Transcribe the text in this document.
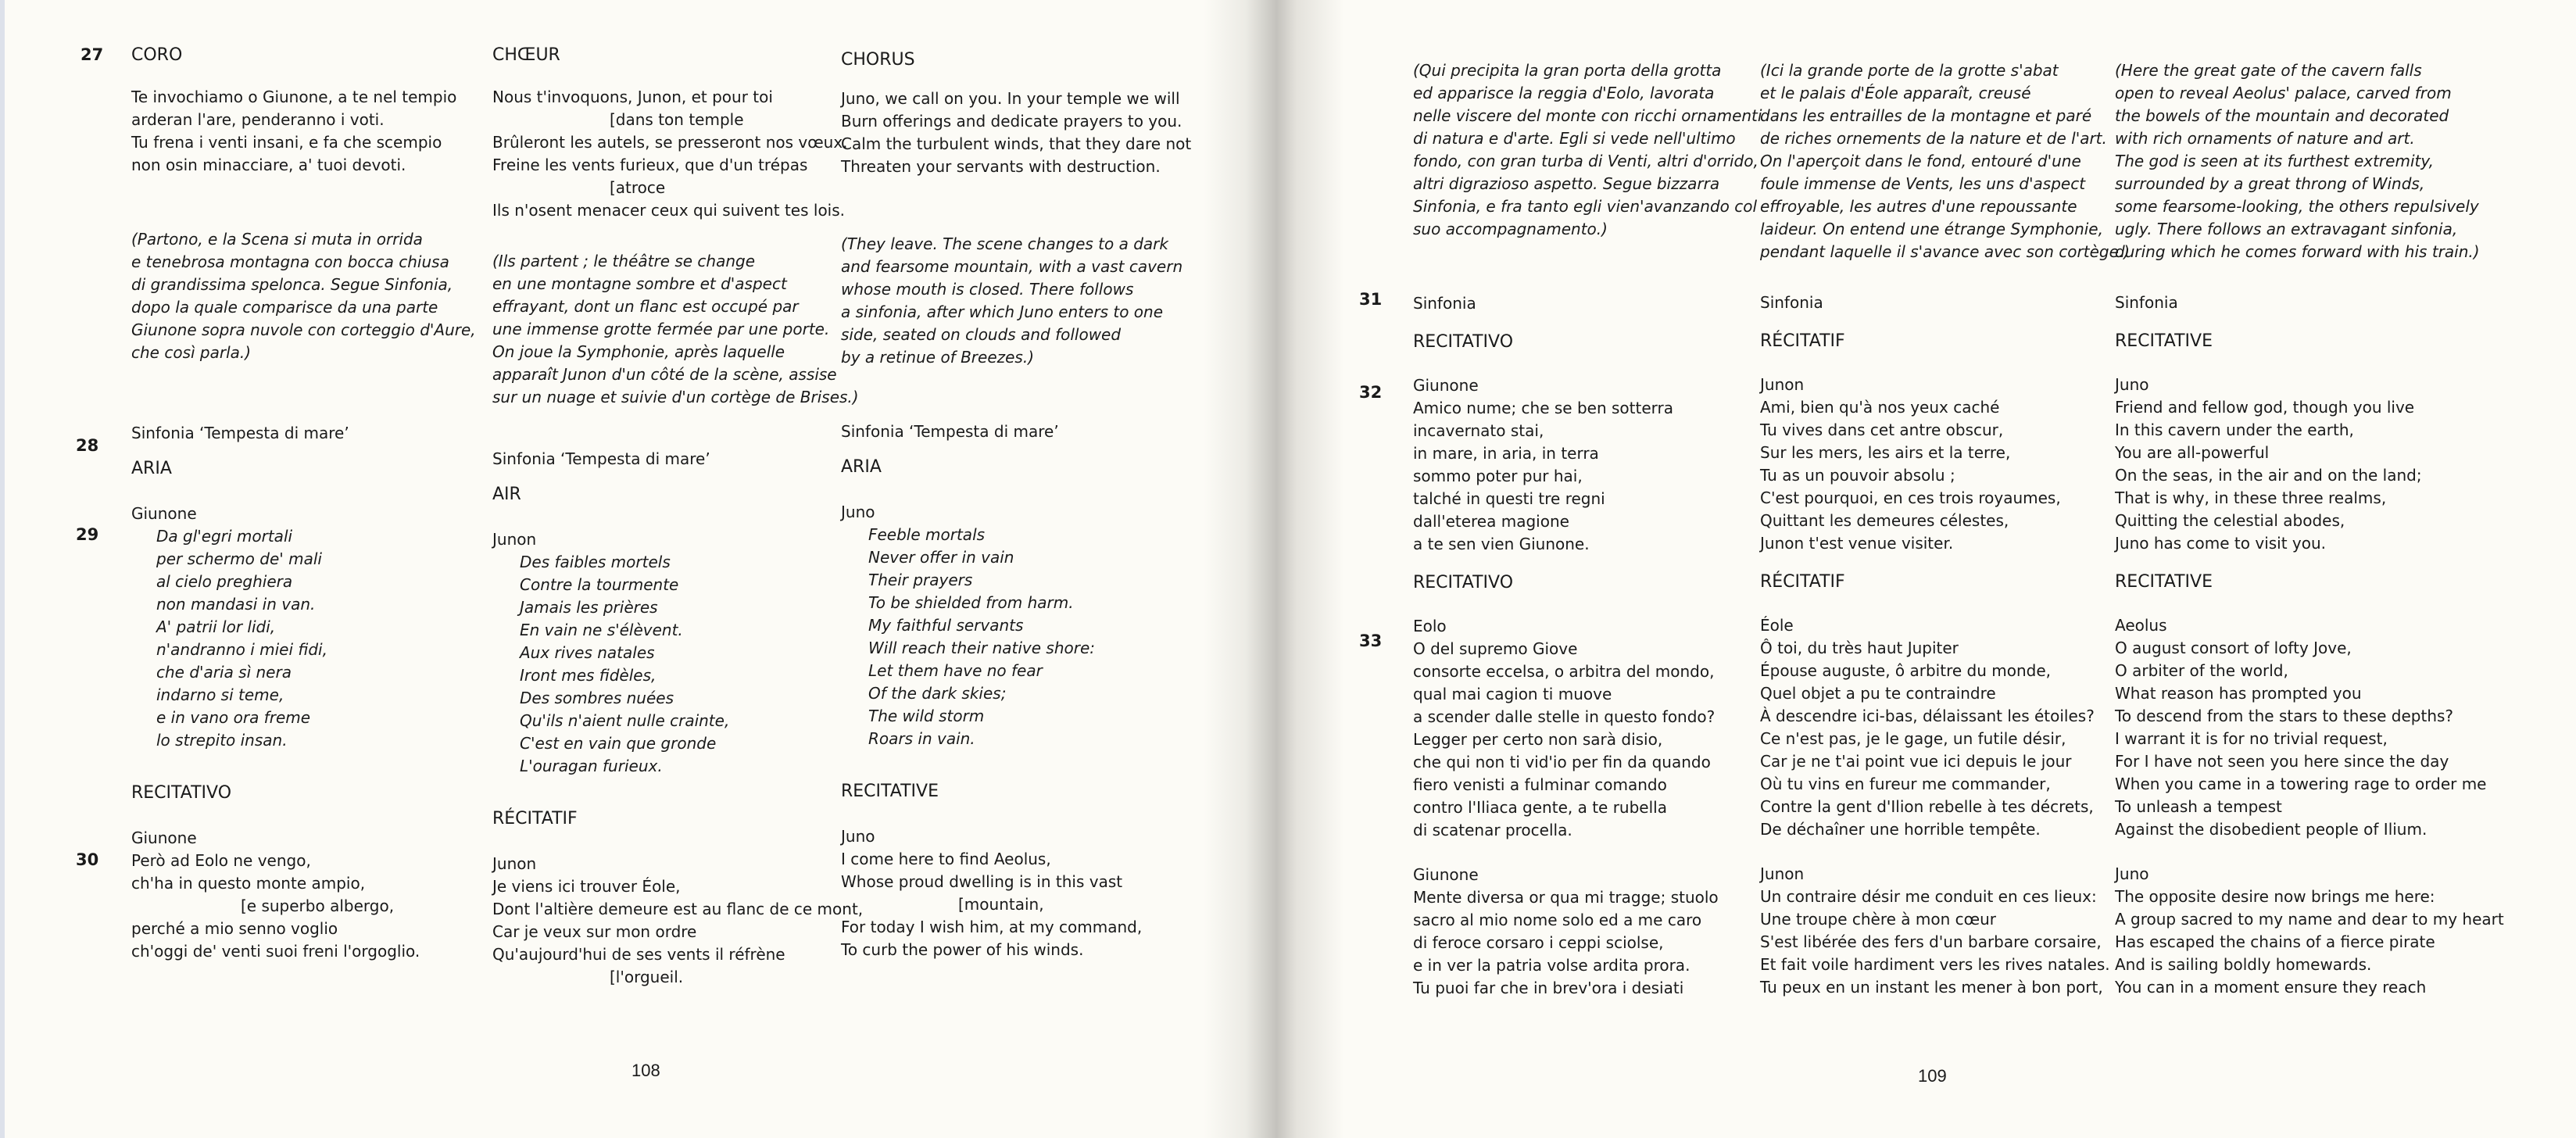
CORO
Te invochiamo o Giunone, a te nel tempio
arderan l'are, penderanno i voti.
Tu frena i venti insani, e fa che scempio
non osin minacciare, a' tuoi devoti.
(Partono, e la Scena si muta in orrida
e tenebrosa montagna con bocca chiusa
di grandissima spelonca. Segue Sinfonia,
dopo la quale comparisce da una parte
Giunone sopra nuvole con corteggio d'Aure,
che così parla.)
Sinfonia ‘Tempesta di mare’
ARIA
Giunone
Da gl'egri mortali
per schermo de' mali
al cielo preghiera
non mandasi in van.
A' patrii lor lidi,
n'andranno i miei fidi,
che d'aria sì nera
indarno si teme,
e in vano ora freme
lo strepito insan.
RECITATIVO
Giunone
Però ad Eolo ne vengo,
ch'ha in questo monte ampio,
[e superbo albergo,
perché a mio senno voglio
ch'oggi de' venti suoi freni l'orgoglio.
CHŒUR
Nous t'invoquons, Junon, et pour toi
[dans ton temple
Brûleront les autels, se presseront nos vœux.
Freine les vents furieux, que d'un trépas
[atroce
Ils n'osent menacer ceux qui suivent tes lois.
(Ils partent ; le théâtre se change
en une montagne sombre et d'aspect
effrayant, dont un flanc est occupé par
une immense grotte fermée par une porte.
On joue la Symphonie, après laquelle
apparaît Junon d'un côté de la scène, assise
sur un nuage et suivie d'un cortège de Brises.)
Sinfonia ‘Tempesta di mare’
AIR
Junon
Des faibles mortels
Contre la tourmente
Jamais les prières
En vain ne s'élèvent.
Aux rives natales
Iront mes fidèles,
Des sombres nuées
Qu'ils n'aient nulle crainte,
C'est en vain que gronde
L'ouragan furieux.
RÉCITATIF
Junon
Je viens ici trouver Éole,
Dont l'altière demeure est au flanc de ce mont,
Car je veux sur mon ordre
Qu'aujourd'hui de ses vents il réfrène
[l'orgueil.
CHORUS
Juno, we call on you. In your temple we will
Burn offerings and dedicate prayers to you.
Calm the turbulent winds, that they dare not
Threaten your servants with destruction.
(They leave. The scene changes to a dark
and fearsome mountain, with a vast cavern
whose mouth is closed. There follows
a sinfonia, after which Juno enters to one
side, seated on clouds and followed
by a retinue of Breezes.)
Sinfonia ‘Tempesta di mare’
ARIA
Juno
Feeble mortals
Never offer in vain
Their prayers
To be shielded from harm.
My faithful servants
Will reach their native shore:
Let them have no fear
Of the dark skies;
The wild storm
Roars in vain.
RECITATIVE
Juno
I come here to find Aeolus,
Whose proud dwelling is in this vast
[mountain,
For today I wish him, at my command,
To curb the power of his winds.
108
(Qui precipita la gran porta della grotta
ed apparisce la reggia d'Eolo, lavorata
nelle viscere del monte con ricchi ornamenti
di natura e d'arte. Egli si vede nell'ultimo
fondo, con gran turba di Venti, altri d'orrido,
altri digrazioso aspetto. Segue bizzarra
Sinfonia, e fra tanto egli vien'avanzando col
suo accompagnamento.)
Sinfonia
RECITATIVO
Giunone
Amico nume; che se ben sotterra
incavernato stai,
in mare, in aria, in terra
sommo poter pur hai,
talché in questi tre regni
dall'eterea magione
a te sen vien Giunone.
RECITATIVO
Eolo
O del supremo Giove
consorte eccelsa, o arbitra del mondo,
qual mai cagion ti muove
a scender dalle stelle in questo fondo?
Legger per certo non sarà disio,
che qui non ti vid'io per fin da quando
fiero venisti a fulminar comando
contro l'Iliaca gente, a te rubella
di scatenar procella.
Giunone
Mente diversa or qua mi tragge; stuolo
sacro al mio nome solo ed a me caro
di feroce corsaro i ceppi sciolse,
e in ver la patria volse ardita prora.
Tu puoi far che in brev'ora i desiati
(Ici la grande porte de la grotte s'abat
et le palais d'Éole apparaît, creusé
dans les entrailles de la montagne et paré
de riches ornements de la nature et de l'art.
On l'aperçoit dans le fond, entouré d'une
foule immense de Vents, les uns d'aspect
effroyable, les autres d'une repoussante
laideur. On entend une étrange Symphonie,
pendant laquelle il s'avance avec son cortège.)
Sinfonia
RÉCITATIF
Junon
Ami, bien qu'à nos yeux caché
Tu vives dans cet antre obscur,
Sur les mers, les airs et la terre,
Tu as un pouvoir absolu ;
C'est pourquoi, en ces trois royaumes,
Quittant les demeures célestes,
Junon t'est venue visiter.
RÉCITATIF
Éole
Ô toi, du très haut Jupiter
Épouse auguste, ô arbitre du monde,
Quel objet a pu te contraindre
À descendre ici-bas, délaissant les étoiles?
Ce n'est pas, je le gage, un futile désir,
Car je ne t'ai point vue ici depuis le jour
Où tu vins en fureur me commander,
Contre la gent d'Ilion rebelle à tes décrets,
De déchaîner une horrible tempête.
Junon
Un contraire désir me conduit en ces lieux:
Une troupe chère à mon cœur
S'est libérée des fers d'un barbare corsaire,
Et fait voile hardiment vers les rives natales.
Tu peux en un instant les mener à bon port,
(Here the great gate of the cavern falls
open to reveal Aeolus' palace, carved from
the bowels of the mountain and decorated
with rich ornaments of nature and art.
The god is seen at its furthest extremity,
surrounded by a great throng of Winds,
some fearsome-looking, the others repulsively
ugly. There follows an extravagant sinfonia,
during which he comes forward with his train.)
Sinfonia
RECITATIVE
Juno
Friend and fellow god, though you live
In this cavern under the earth,
You are all-powerful
On the seas, in the air and on the land;
That is why, in these three realms,
Quitting the celestial abodes,
Juno has come to visit you.
RECITATIVE
Aeolus
O august consort of lofty Jove,
O arbiter of the world,
What reason has prompted you
To descend from the stars to these depths?
I warrant it is for no trivial request,
For I have not seen you here since the day
When you came in a towering rage to order me
To unleash a tempest
Against the disobedient people of Ilium.
Juno
The opposite desire now brings me here:
A group sacred to my name and dear to my heart
Has escaped the chains of a fierce pirate
And is sailing boldly homewards.
You can in a moment ensure they reach
109
27
28
29
30
31
32
33
